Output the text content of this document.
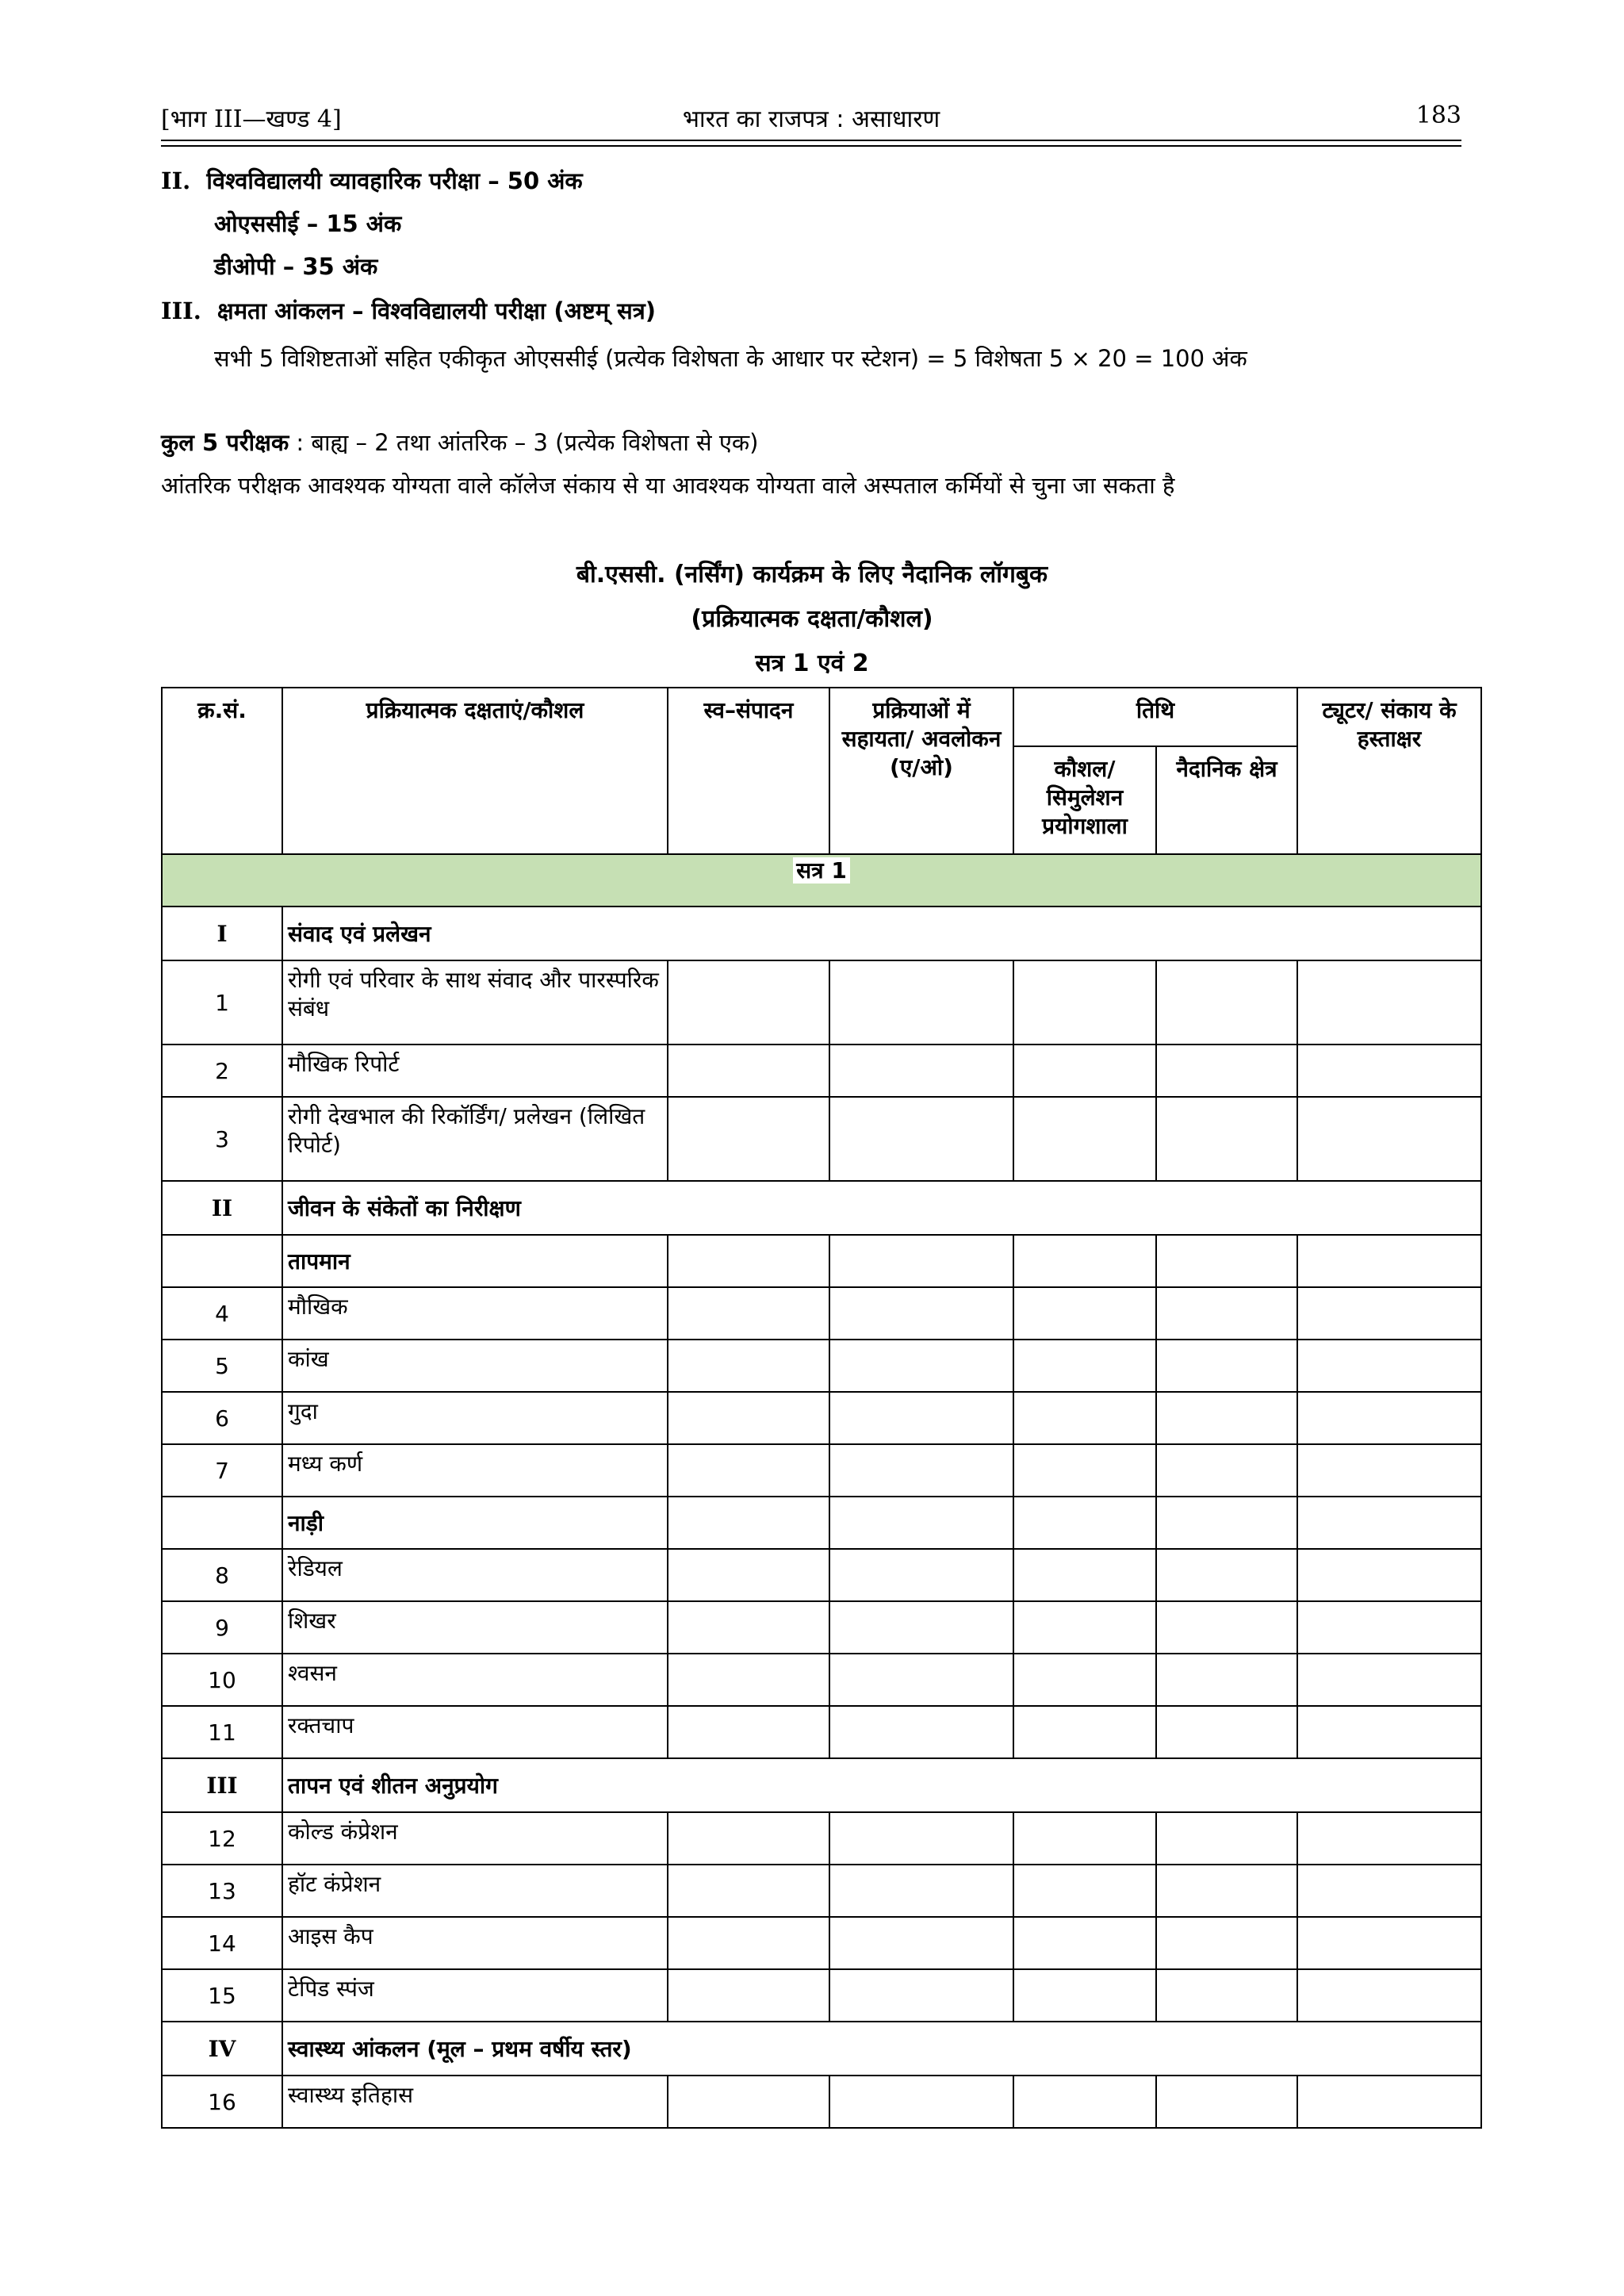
[भाग III—खण्ड 4]	भारत का राजपत्र : असाधारण	183
II. विश्वविद्यालयी व्यावहारिक परीक्षा – 50 अंक
ओएससीई – 15 अंक
डीओपी – 35 अंक
III. क्षमता आंकलन – विश्वविद्यालयी परीक्षा (अष्टम् सत्र)
सभी 5 विशिष्टताओं सहित एकीकृत ओएससीई (प्रत्येक विशेषता के आधार पर स्टेशन) = 5 विशेषता 5 × 20 = 100 अंक
कुल 5 परीक्षक : बाह्य – 2 तथा आंतरिक – 3 (प्रत्येक विशेषता से एक)
आंतरिक परीक्षक आवश्यक योग्यता वाले कॉलेज संकाय से या आवश्यक योग्यता वाले अस्पताल कर्मियों से चुना जा सकता है
बी.एससी. (नर्सिंग) कार्यक्रम के लिए नैदानिक लॉगबुक
(प्रक्रियात्मक दक्षता/कौशल)
सत्र 1 एवं 2
क्र.सं.	प्रक्रियात्मक दक्षताएं/कौशल	स्व–संपादन	प्रक्रियाओं में सहायता/ अवलोकन (ए/ओ)	तिथि		ट्यूटर/ संकाय के हस्ताक्षर
				कौशल/ सिमुलेशन प्रयोगशाला	नैदानिक क्षेत्र	
सत्र 1						
I	संवाद एवं प्रलेखन					
1	रोगी एवं परिवार के साथ संवाद और पारस्परिक संबंध					
2	मौखिक रिपोर्ट					
3	रोगी देखभाल की रिकॉर्डिंग/ प्रलेखन (लिखित रिपोर्ट)					
II	जीवन के संकेतों का निरीक्षण					
	तापमान					
4	मौखिक					
5	कांख					
6	गुदा					
7	मध्य कर्ण					
	नाड़ी					
8	रेडियल					
9	शिखर					
10	श्वसन					
11	रक्तचाप					
III	तापन एवं शीतन अनुप्रयोग					
12	कोल्ड कंप्रेशन					
13	हॉट कंप्रेशन					
14	आइस कैप					
15	टेपिड स्पंज					
IV	स्वास्थ्य आंकलन (मूल – प्रथम वर्षीय स्तर)					
16	स्वास्थ्य इतिहास					
